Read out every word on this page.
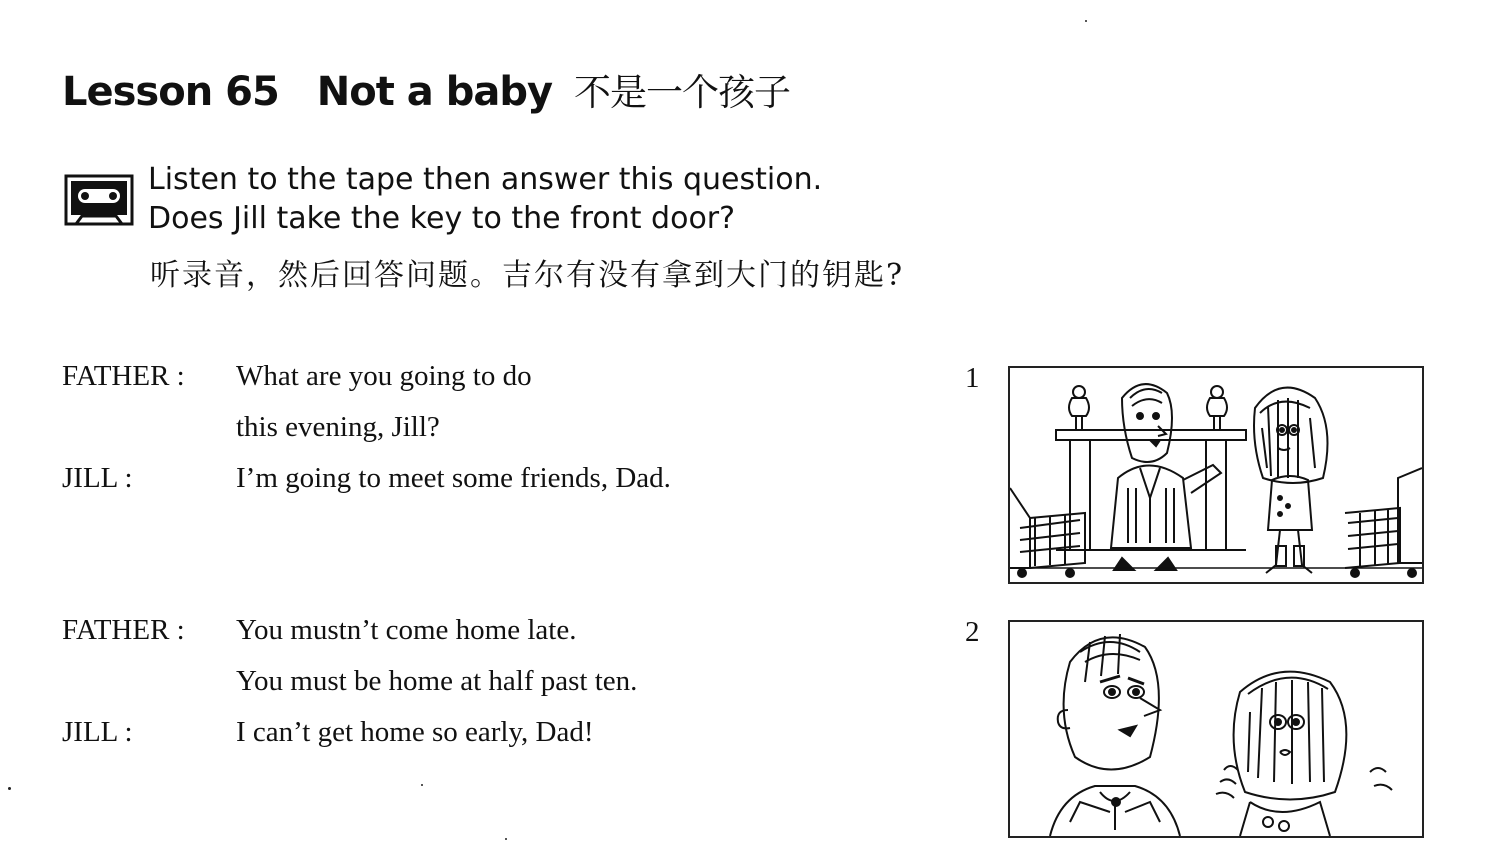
Lesson 65 Not a baby 不是一个孩子
Listen to the tape then answer this question.
Does Jill take the key to the front door?
听录音，然后回答问题。吉尔有没有拿到大门的钥匙?
FATHER : What are you going to do
this evening, Jill?
JILL :	I’m going to meet some friends, Dad.
1
FATHER : You mustn’t come home late.
You must be home at half past ten.
JILL :	I can’t get home so early, Dad!
2
